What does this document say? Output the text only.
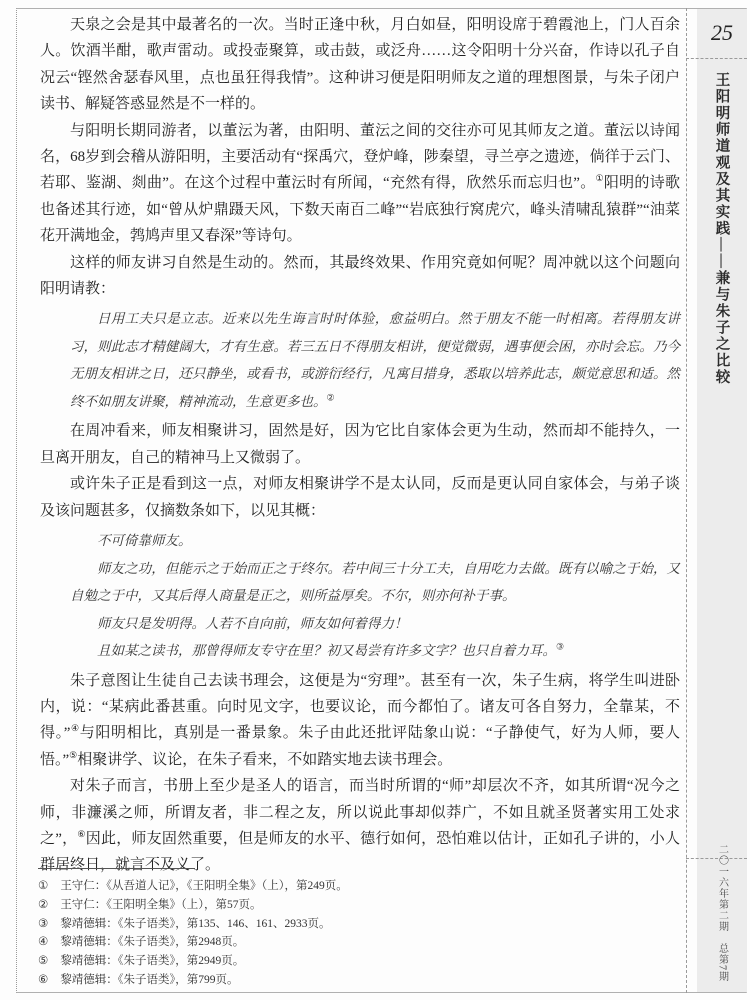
天泉之会是其中最著名的一次。当时正逢中秋，月白如昼，阳明设席于碧霞池上，门人百余人。饮酒半酣，歌声雷动。或投壶聚算，或击鼓，或泛舟……这令阳明十分兴奋，作诗以孔子自况云“铿然舍瑟春风里，点也虽狂得我情”。这种讲习便是阳明师友之道的理想图景，与朱子闭户读书、解疑答惑显然是不一样的。

与阳明长期同游者，以董沄为著，由阳明、董沄之间的交往亦可见其师友之道。董沄以诗闻名，68岁到会稽从游阳明，主要活动有“探禹穴，登炉峰，陟秦望，寻兰亭之遗迹，倘徉于云门、若耶、鉴湖、剡曲”。在这个过程中董沄时有所闻，“充然有得，欣然乐而忘归也”。①阳明的诗歌也备述其行迹，如“曾从炉鼎蹑天风，下数天南百二峰”“岩底独行窝虎穴，峰头清啸乱猿群”“油菜花开满地金，鹁鸠声里又春深”等诗句。

这样的师友讲习自然是生动的。然而，其最终效果、作用究竟如何呢？周冲就以这个问题向阳明请教：

日用工夫只是立志。近来以先生诲言时时体验，愈益明白。然于朋友不能一时相离。若得朋友讲习，则此志才精健阔大，才有生意。若三五日不得朋友相讲，便觉微弱，遇事便会困，亦时会忘。乃今无朋友相讲之日，还只静坐，或看书，或游衍经行，凡寓目措身，悉取以培养此志，颇觉意思和适。然终不如朋友讲聚，精神流动，生意更多也。②

在周冲看来，师友相聚讲习，固然是好，因为它比自家体会更为生动，然而却不能持久，一旦离开朋友，自己的精神马上又微弱了。

或许朱子正是看到这一点，对师友相聚讲学不是太认同，反而是更认同自家体会，与弟子谈及该问题甚多，仅摘数条如下，以见其概：

不可倚靠师友。

师友之功，但能示之于始而正之于终尔。若中间三十分工夫，自用吃力去做。既有以喻之于始，又自勉之于中，又其后得人商量是正之，则所益厚矣。不尔，则亦何补于事。

师友只是发明得。人若不自向前，师友如何着得力！

且如某之读书，那曾得师友专守在里？初又曷尝有许多文字？也只自着力耳。③

朱子意图让生徒自己去读书理会，这便是为“穷理”。甚至有一次，朱子生病，将学生叫进卧内，说：“某病此番甚重。向时见文字，也要议论，而今都怕了。诸友可各自努力，全靠某，不得。”④与阳明相比，真别是一番景象。朱子由此还批评陆象山说：“子静使气，好为人师，要人悟。”⑤相聚讲学、议论，在朱子看来，不如踏实地去读书理会。

对朱子而言，书册上至少是圣人的语言，而当时所谓的“师”却层次不齐，如其所谓“况今之师，非濂溪之师，所谓友者，非二程之友，所以说此事却似莽广，不如且就圣贤著实用工处求之”，⑥因此，师友固然重要，但是师友的水平、德行如何，恐怕难以估计，正如孔子讲的，小人群居终日，就言不及义了。

① 王守仁：《从吾道人记》，《王阳明全集》（上），第249页。
② 王守仁：《王阳明全集》（上），第57页。
③ 黎靖德辑：《朱子语类》，第135、146、161、2933页。
④ 黎靖德辑：《朱子语类》，第2948页。
⑤ 黎靖德辑：《朱子语类》，第2949页。
⑥ 黎靖德辑：《朱子语类》，第799页。
25
王阳明师道观及其实践——兼与朱子之比较
二〇一六年第二期　总第7期
